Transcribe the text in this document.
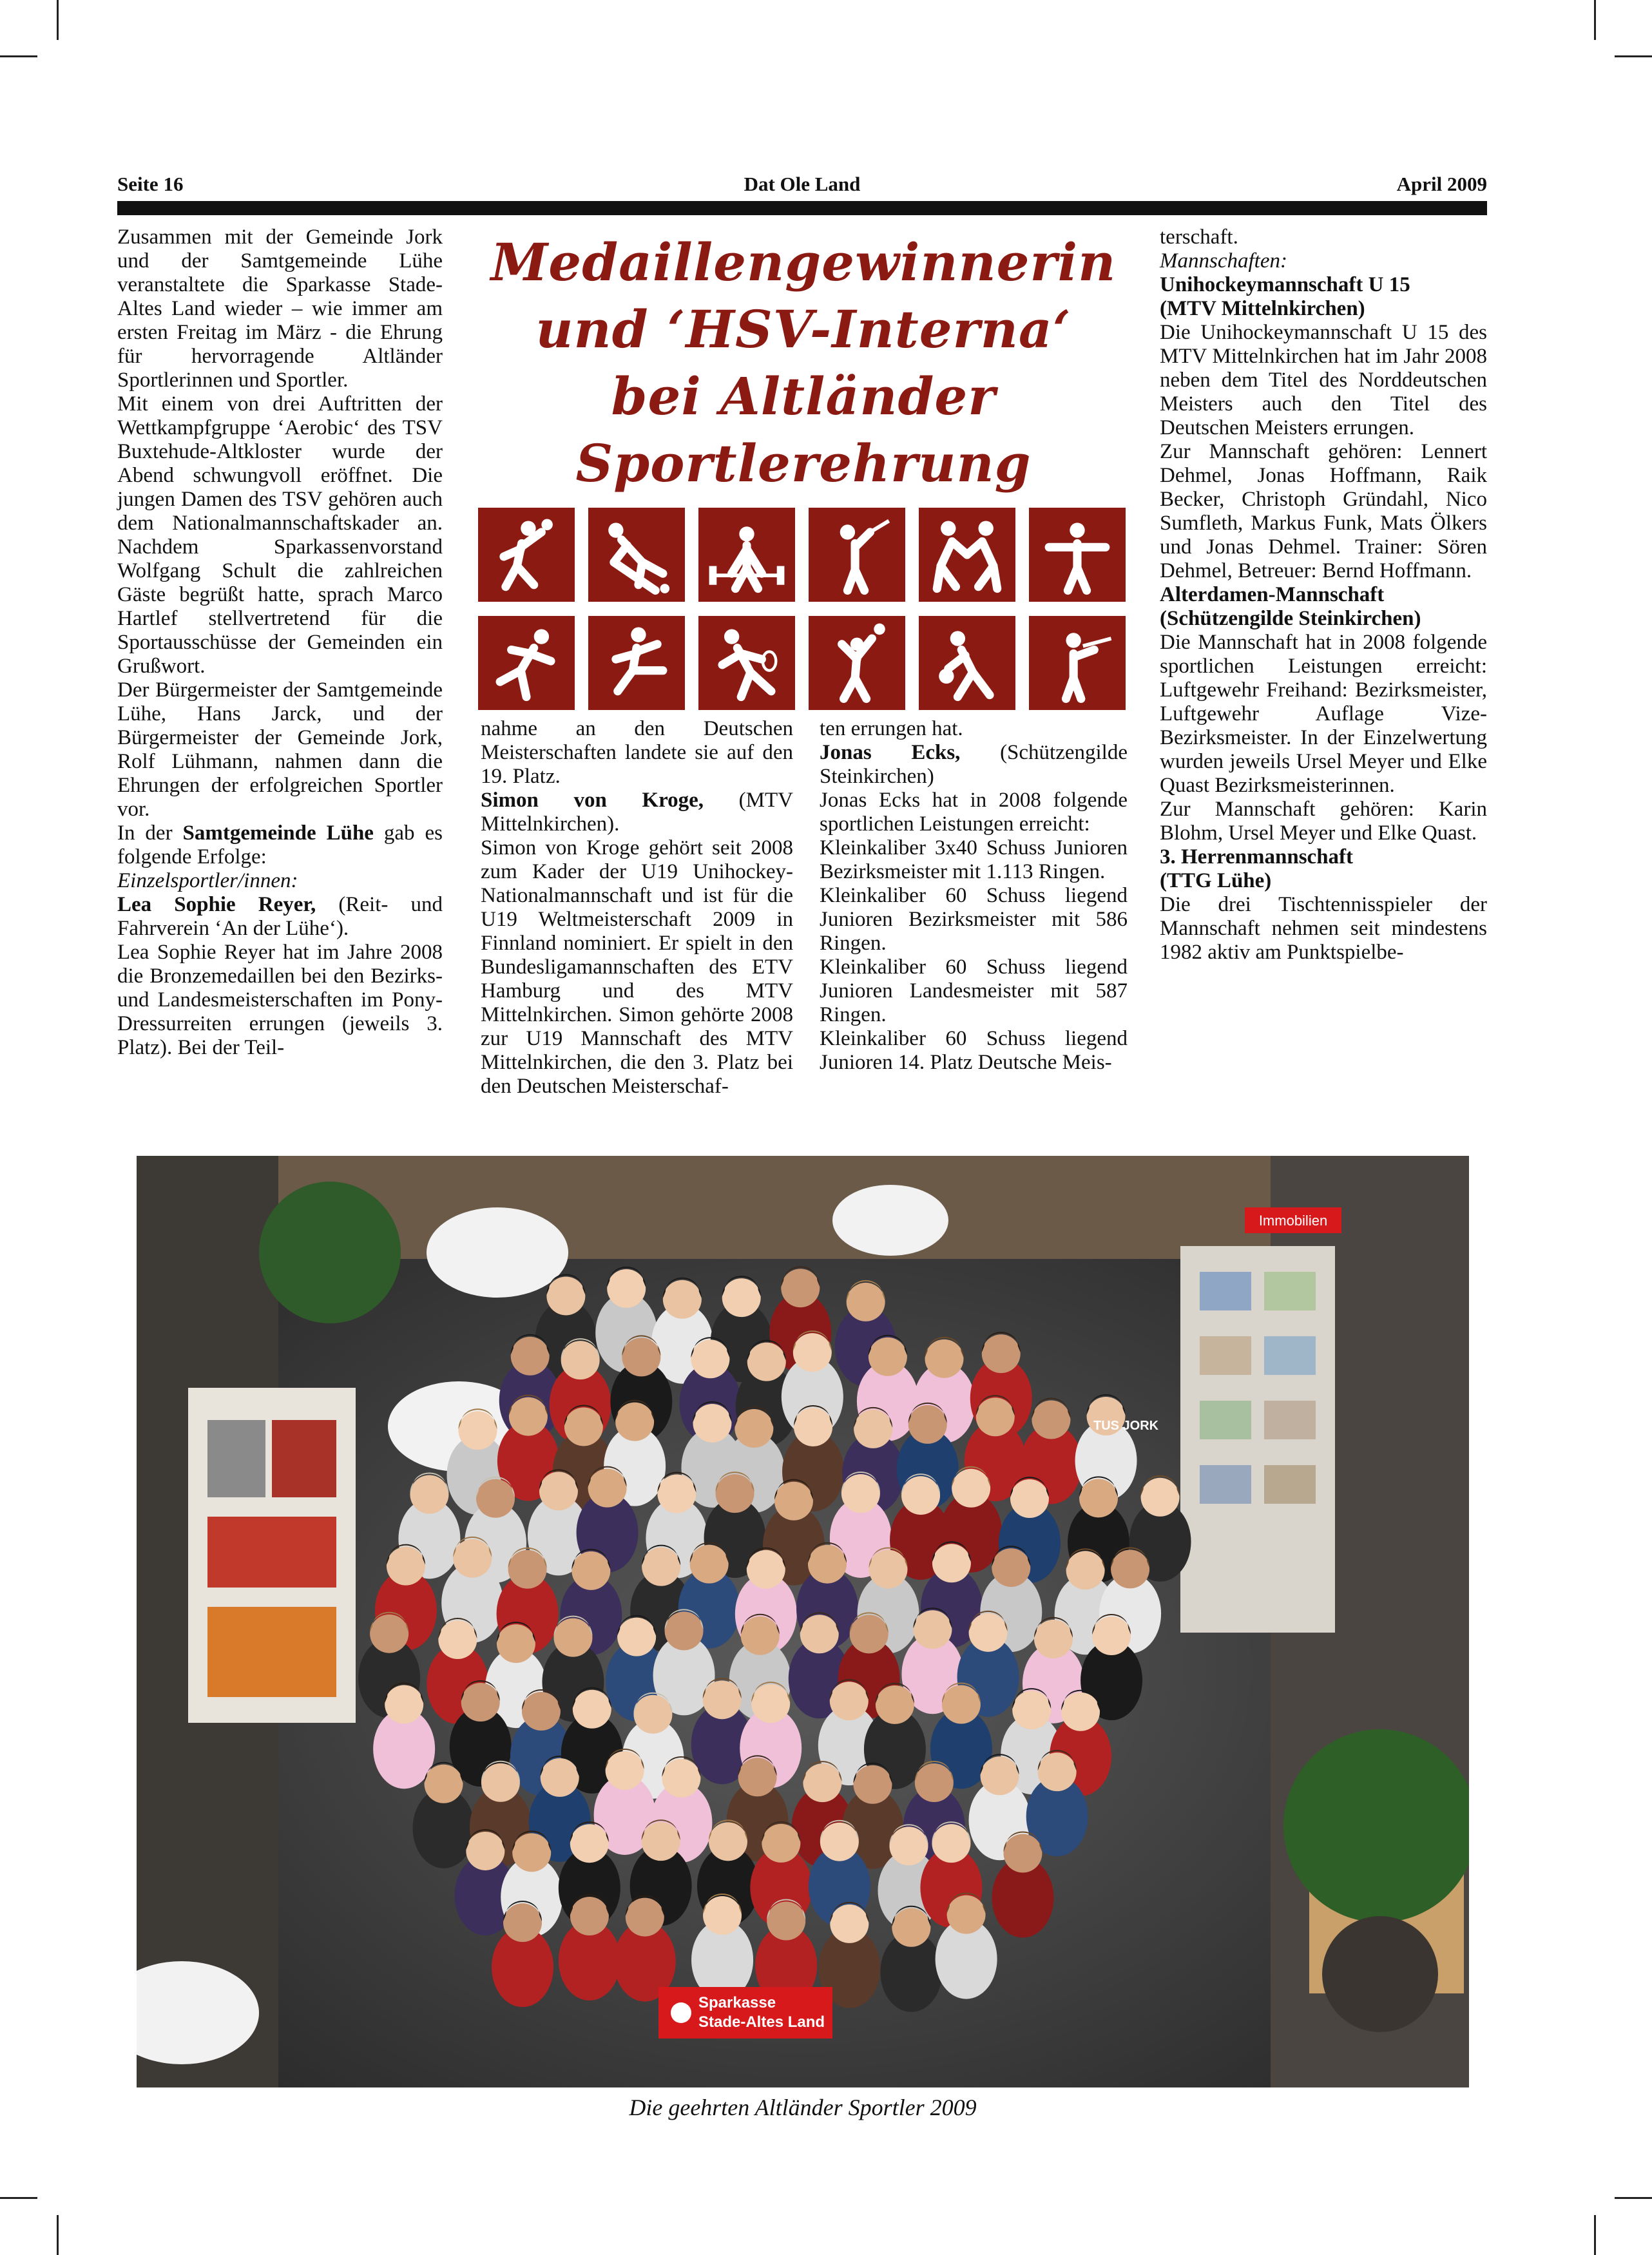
Seite 16	Dat Ole Land	April 2009

Zusammen mit der Gemeinde Jork und der Samtgemeinde Lühe veranstaltete die Sparkasse Stade-Altes Land wieder – wie immer am ersten Freitag im März - die Ehrung für hervorragende Altländer Sportlerinnen und Sportler.

Mit einem von drei Auftritten der Wettkampfgruppe ‘Aerobic‘ des TSV Buxtehude-Altkloster wurde der Abend schwungvoll eröffnet. Die jungen Damen des TSV gehören auch dem Nationalmannschaftskader an. Nachdem Sparkassenvorstand Wolfgang Schult die zahlreichen Gäste begrüßt hatte, sprach Marco Hartlef stellvertretend für die Sportausschüsse der Gemeinden ein Grußwort.

Der Bürgermeister der Samtgemeinde Lühe, Hans Jarck, und der Bürgermeister der Gemeinde Jork, Rolf Lühmann, nahmen dann die Ehrungen der erfolgreichen Sportler vor.

In der Samtgemeinde Lühe gab es folgende Erfolge:

Einzelsportler/innen:

Lea Sophie Reyer, (Reit- und Fahrverein ‘An der Lühe‘).

Lea Sophie Reyer hat im Jahre 2008 die Bronzemedaillen bei den Bezirks- und Landesmeisterschaften im Pony-Dressurreiten errungen (jeweils 3. Platz). Bei der Teil-

Medaillengewinnerin
und ‘HSV-Interna‘
bei Altländer
Sportlerehrung

nahme an den Deutschen Meisterschaften landete sie auf den 19. Platz.

Simon von Kroge, (MTV Mittelnkirchen).

Simon von Kroge gehört seit 2008 zum Kader der U19 Unihockey-Nationalmannschaft und ist für die U19 Weltmeisterschaft 2009 in Finnland nominiert. Er spielt in den Bundesligamannschaften des ETV Hamburg und des MTV Mittelnkirchen. Simon gehörte 2008 zur U19 Mannschaft des MTV Mittelnkirchen, die den 3. Platz bei den Deutschen Meisterschaf-

ten errungen hat.

Jonas Ecks, (Schützengilde Steinkirchen)

Jonas Ecks hat in 2008 folgende sportlichen Leistungen erreicht:

Kleinkaliber 3x40 Schuss Junioren Bezirksmeister mit 1.113 Ringen.

Kleinkaliber 60 Schuss liegend Junioren Bezirksmeister mit 586 Ringen.

Kleinkaliber 60 Schuss liegend Junioren Landesmeister mit 587 Ringen.

Kleinkaliber 60 Schuss liegend Junioren 14. Platz Deutsche Meis-

terschaft.

Mannschaften:

Unihockeymannschaft U 15

(MTV Mittelnkirchen)

Die Unihockeymannschaft U 15 des MTV Mittelnkirchen hat im Jahr 2008 neben dem Titel des Norddeutschen Meisters auch den Titel des Deutschen Meisters errungen.

Zur Mannschaft gehören: Lennert Dehmel, Jonas Hoffmann, Raik Becker, Christoph Gründahl, Nico Sumfleth, Markus Funk, Mats Ölkers und Jonas Dehmel. Trainer: Sören Dehmel, Betreuer: Bernd Hoffmann.

Alterdamen-Mannschaft

(Schützengilde Steinkirchen)

Die Mannschaft hat in 2008 folgende sportlichen Leistungen erreicht: Luftgewehr Freihand: Bezirksmeister, Luftgewehr Auflage Vize-Bezirksmeister. In der Einzelwertung wurden jeweils Ursel Meyer und Elke Quast Bezirksmeisterinnen.

Zur Mannschaft gehören: Karin Blohm, Ursel Meyer und Elke Quast.

3. Herrenmannschaft

(TTG Lühe)

Die drei Tischtennisspieler der Mannschaft nehmen seit mindestens 1982 aktiv am Punktspielbe-

Sparkasse
Stade-Altes Land
Immobilien
TUS JORK
Die geehrten Altländer Sportler 2009
